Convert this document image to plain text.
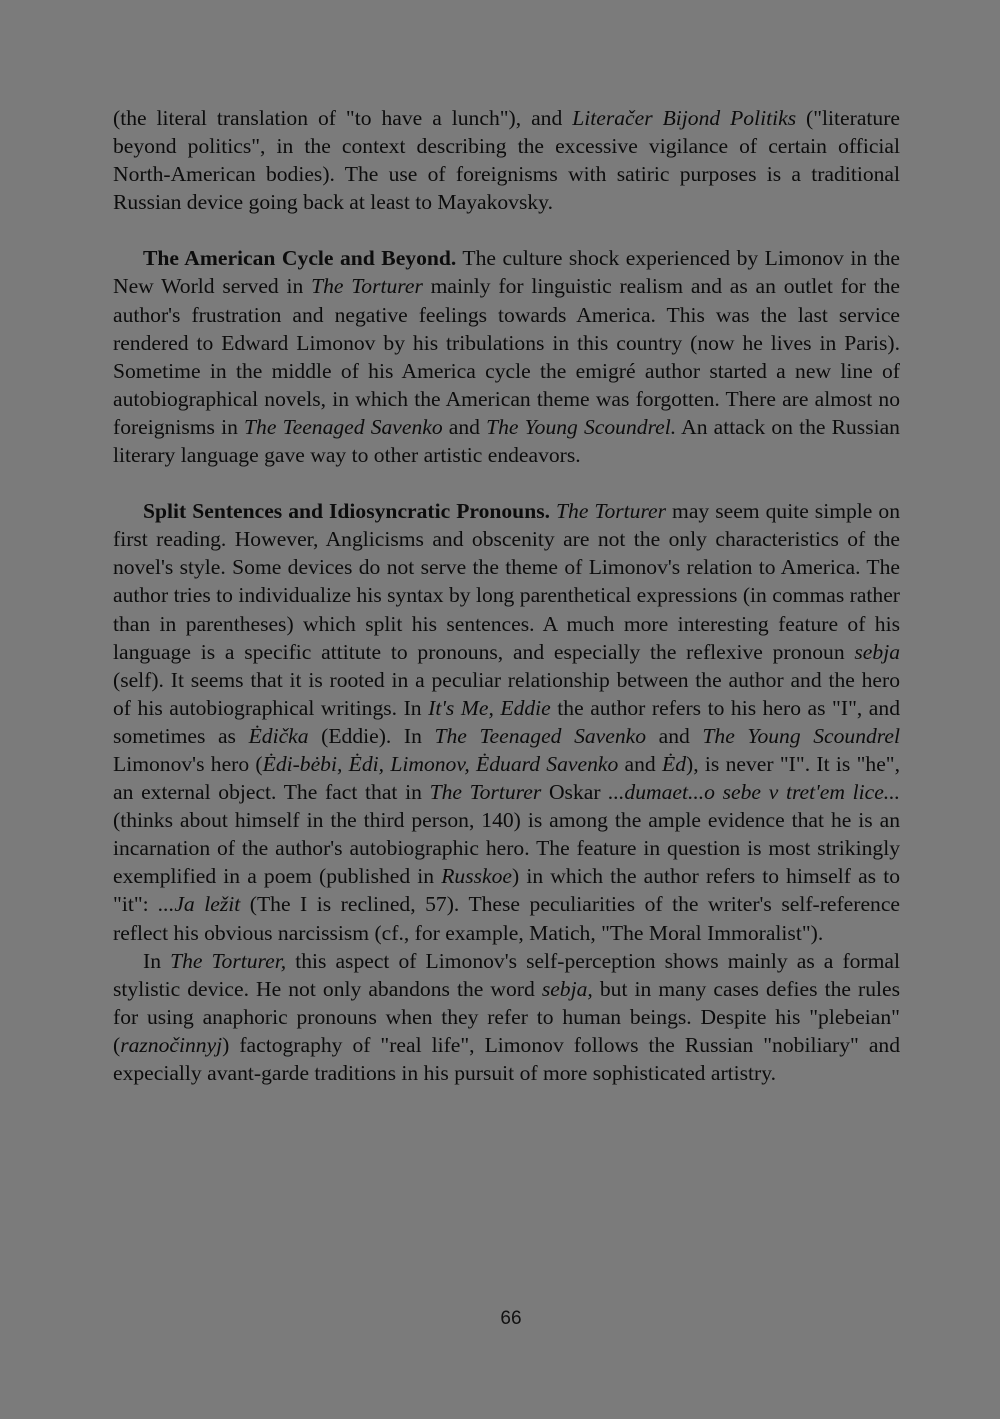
(the literal translation of "to have a lunch"), and Literačer Bijond Politiks ("literature beyond politics", in the context describing the excessive vigilance of certain official North-American bodies). The use of foreignisms with satiric purposes is a traditional Russian device going back at least to Mayakovsky.

The American Cycle and Beyond. The culture shock experienced by Limonov in the New World served in The Torturer mainly for linguistic realism and as an outlet for the author's frustration and negative feelings towards America. This was the last service rendered to Edward Limonov by his tribulations in this country (now he lives in Paris). Sometime in the middle of his America cycle the emigré author started a new line of autobiographical novels, in which the American theme was forgotten. There are almost no foreignisms in The Teenaged Savenko and The Young Scoundrel. An attack on the Russian literary language gave way to other artistic endeavors.

Split Sentences and Idiosyncratic Pronouns. The Torturer may seem quite simple on first reading. However, Anglicisms and obscenity are not the only characteristics of the novel's style. Some devices do not serve the theme of Limonov's relation to America. The author tries to individualize his syntax by long parenthetical expressions (in commas rather than in parentheses) which split his sentences. A much more interesting feature of his language is a specific attitute to pronouns, and especially the reflexive pronoun sebja (self). It seems that it is rooted in a peculiar relationship between the author and the hero of his autobiographical writings. In It's Me, Eddie the author refers to his hero as "I", and sometimes as Ėdička (Eddie). In The Teenaged Savenko and The Young Scoundrel Limonov's hero (Ėdi-bėbi, Ėdi, Limonov, Ėduard Savenko and Ėd), is never "I". It is "he", an external object. The fact that in The Torturer Oskar ...dumaet...o sebe v tret'em lice... (thinks about himself in the third person, 140) is among the ample evidence that he is an incarnation of the author's autobiographic hero. The feature in question is most strikingly exemplified in a poem (published in Russkoe) in which the author refers to himself as to "it": ...Ja ležit (The I is reclined, 57). These peculiarities of the writer's self-reference reflect his obvious narcissism (cf., for example, Matich, "The Moral Immoralist").

In The Torturer, this aspect of Limonov's self-perception shows mainly as a formal stylistic device. He not only abandons the word sebja, but in many cases defies the rules for using anaphoric pronouns when they refer to human beings. Despite his "plebeian" (raznočinnyj) factography of "real life", Limonov follows the Russian "nobiliary" and expecially avant-garde traditions in his pursuit of more sophisticated artistry.

66
